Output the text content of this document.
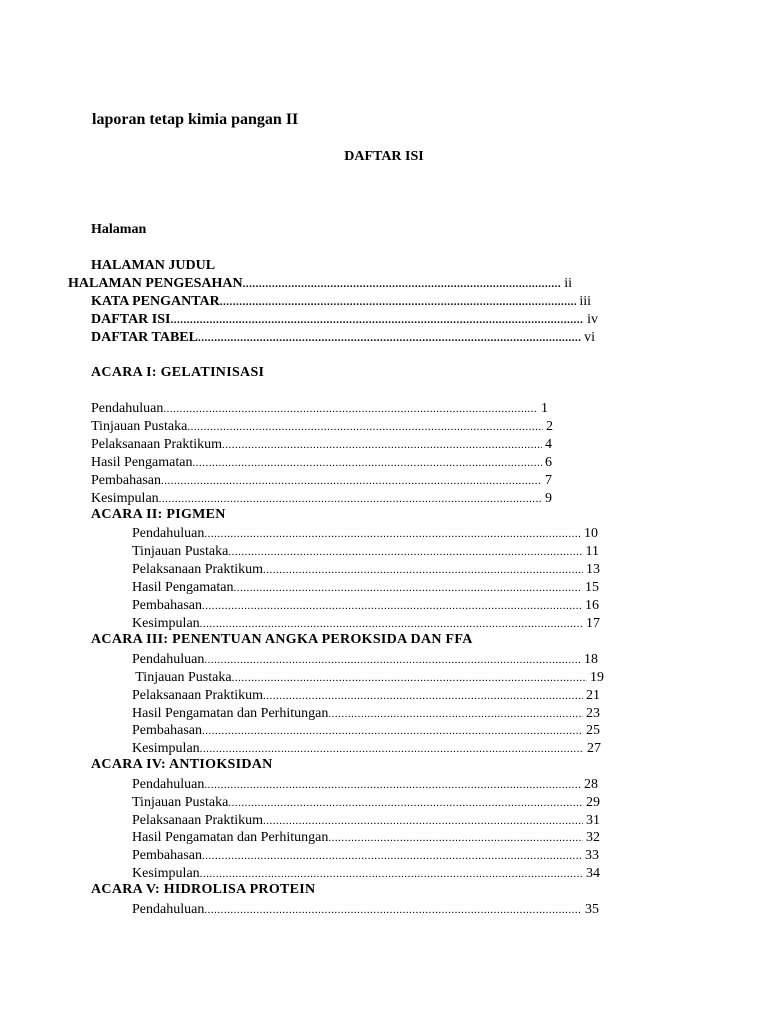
laporan tetap kimia pangan II
DAFTAR ISI
Halaman
HALAMAN JUDUL
HALAMAN PENGESAHAN .....	ii
KATA PENGANTAR .....	iii
DAFTAR ISI .....	iv
DAFTAR TABEL .....	vi
ACARA I: GELATINISASI
Pendahuluan .....	1
Tinjauan Pustaka .....	2
Pelaksanaan Praktikum .....	4
Hasil Pengamatan .....	6
Pembahasan .....	7
Kesimpulan .....	9
ACARA II: PIGMEN
Pendahuluan .....	10
Tinjauan Pustaka .....	11
Pelaksanaan Praktikum .....	13
Hasil Pengamatan .....	15
Pembahasan .....	16
Kesimpulan .....	17
ACARA III: PENENTUAN ANGKA PEROKSIDA DAN FFA
Pendahuluan .....	18
Tinjauan Pustaka .....	19
Pelaksanaan Praktikum .....	21
Hasil Pengamatan dan Perhitungan .....	23
Pembahasan .....	25
Kesimpulan .....	27
ACARA IV: ANTIOKSIDAN
Pendahuluan .....	28
Tinjauan Pustaka .....	29
Pelaksanaan Praktikum .....	31
Hasil Pengamatan dan Perhitungan .....	32
Pembahasan .....	33
Kesimpulan .....	34
ACARA V: HIDROLISA PROTEIN
Pendahuluan .....	35
